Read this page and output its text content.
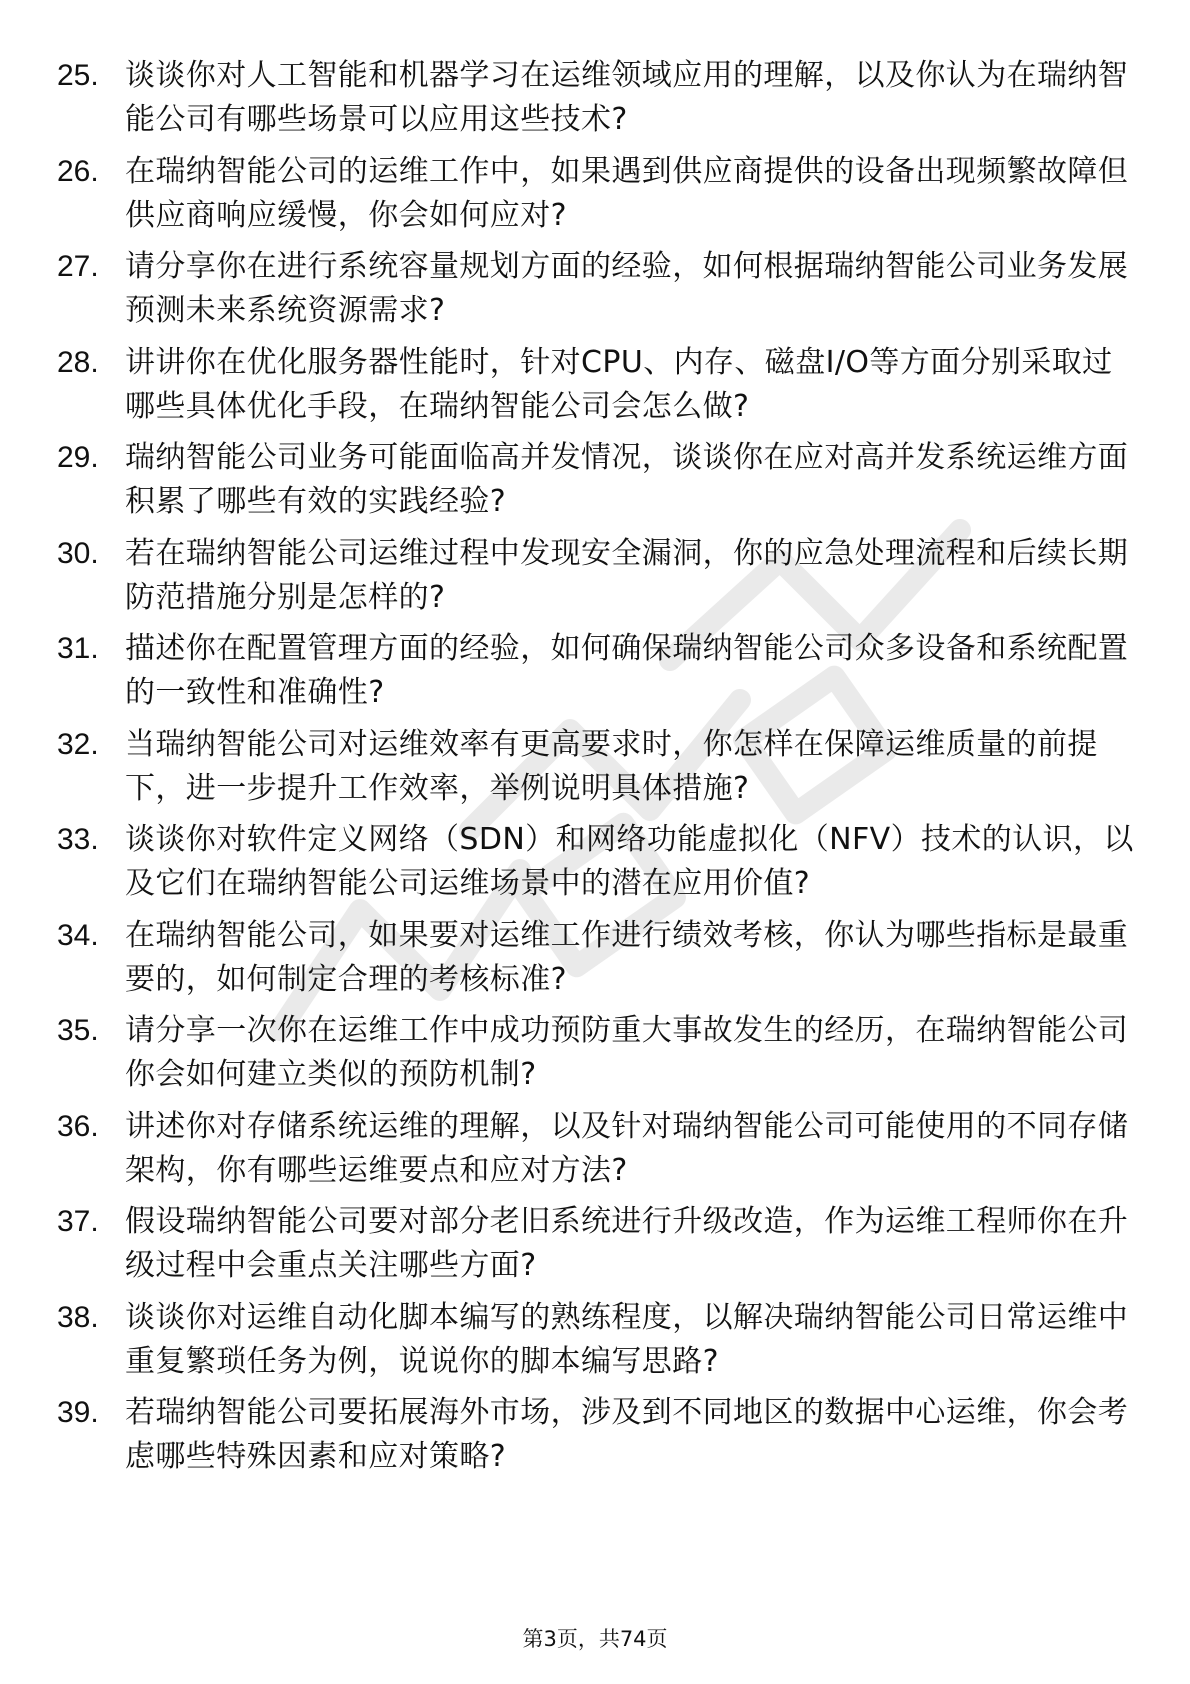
25. 谈谈你对人工智能和机器学习在运维领域应用的理解，以及你认为在瑞纳智能公司有哪些场景可以应用这些技术?
26. 在瑞纳智能公司的运维工作中，如果遇到供应商提供的设备出现频繁故障但供应商响应缓慢，你会如何应对?
27. 请分享你在进行系统容量规划方面的经验，如何根据瑞纳智能公司业务发展预测未来系统资源需求?
28. 讲讲你在优化服务器性能时，针对CPU、内存、磁盘I/O等方面分别采取过哪些具体优化手段，在瑞纳智能公司会怎么做?
29. 瑞纳智能公司业务可能面临高并发情况，谈谈你在应对高并发系统运维方面积累了哪些有效的实践经验?
30. 若在瑞纳智能公司运维过程中发现安全漏洞，你的应急处理流程和后续长期防范措施分别是怎样的?
31. 描述你在配置管理方面的经验，如何确保瑞纳智能公司众多设备和系统配置的一致性和准确性?
32. 当瑞纳智能公司对运维效率有更高要求时，你怎样在保障运维质量的前提下，进一步提升工作效率，举例说明具体措施?
33. 谈谈你对软件定义网络（SDN）和网络功能虚拟化（NFV）技术的认识，以及它们在瑞纳智能公司运维场景中的潜在应用价值?
34. 在瑞纳智能公司，如果要对运维工作进行绩效考核，你认为哪些指标是最重要的，如何制定合理的考核标准?
35. 请分享一次你在运维工作中成功预防重大事故发生的经历，在瑞纳智能公司你会如何建立类似的预防机制?
36. 讲述你对存储系统运维的理解，以及针对瑞纳智能公司可能使用的不同存储架构，你有哪些运维要点和应对方法?
37. 假设瑞纳智能公司要对部分老旧系统进行升级改造，作为运维工程师你在升级过程中会重点关注哪些方面?
38. 谈谈你对运维自动化脚本编写的熟练程度，以解决瑞纳智能公司日常运维中重复繁琐任务为例，说说你的脚本编写思路?
39. 若瑞纳智能公司要拓展海外市场，涉及到不同地区的数据中心运维，你会考虑哪些特殊因素和应对策略?
第3页，共74页
